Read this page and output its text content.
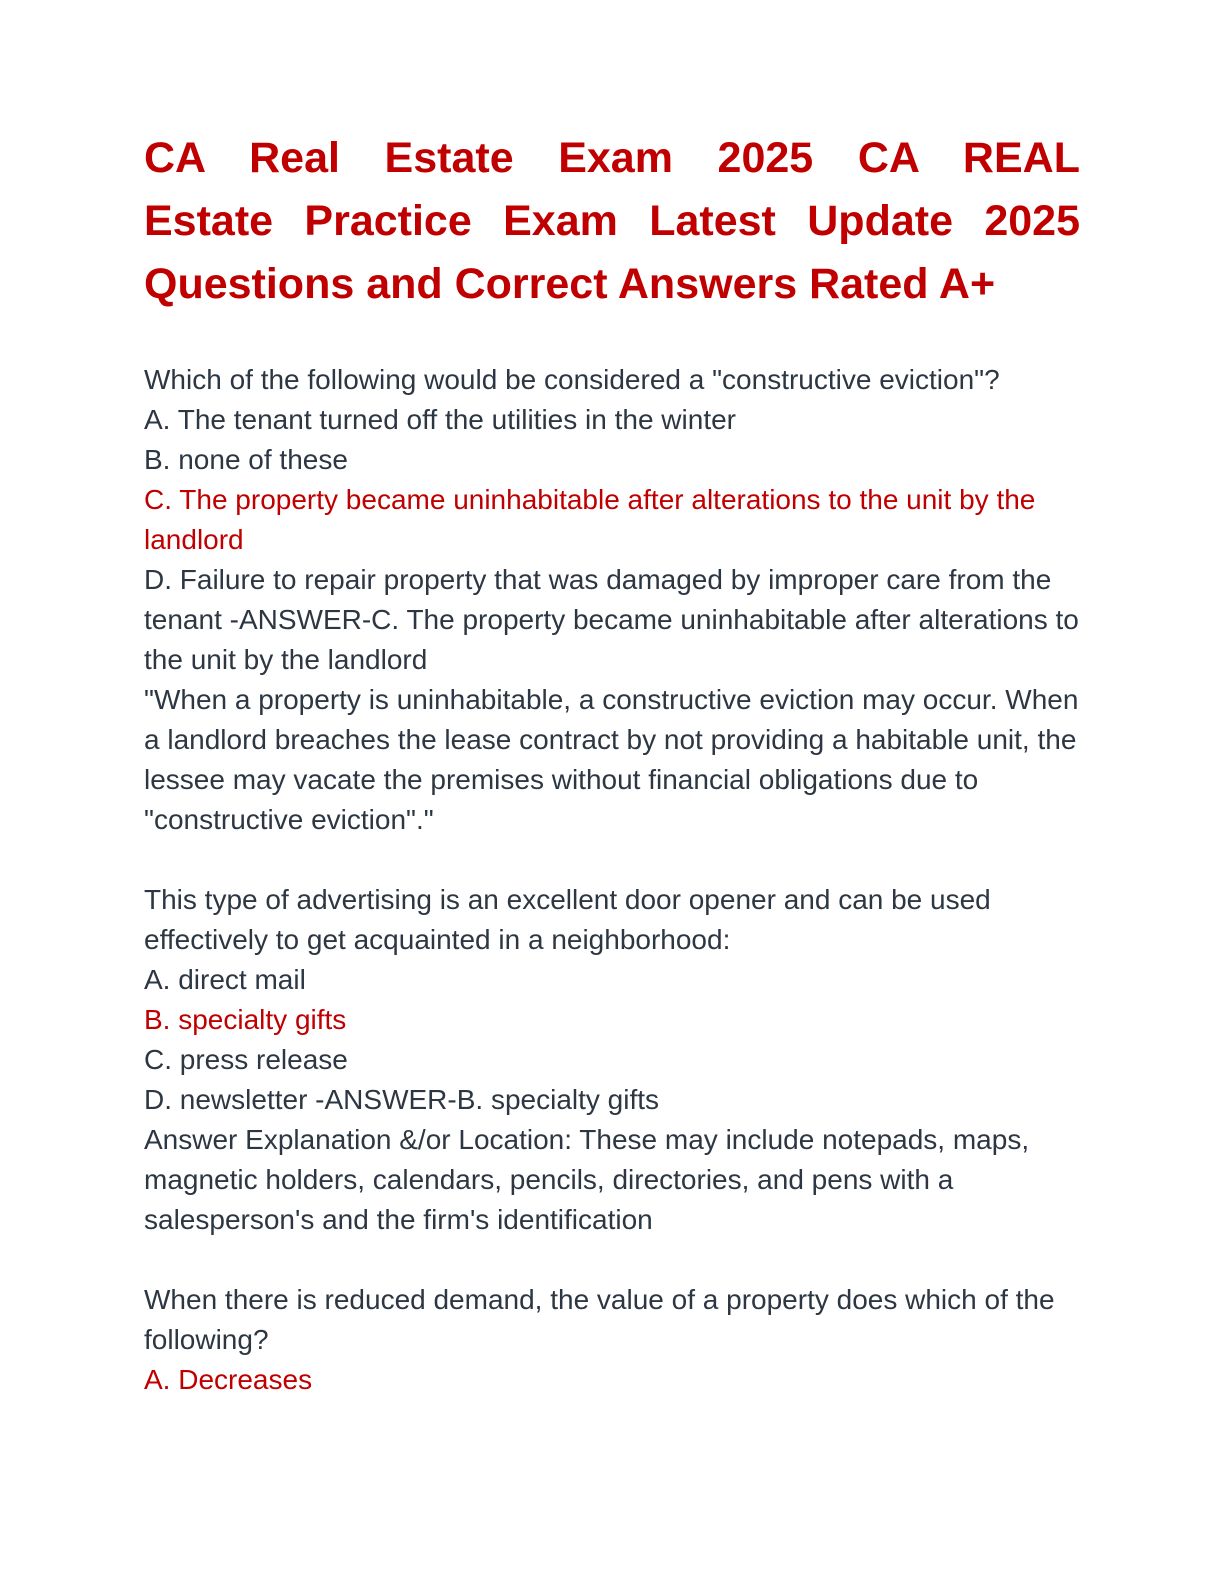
CA Real Estate Exam 2025 CA REAL
Estate Practice Exam Latest Update 2025
Questions and Correct Answers Rated A+
Which of the following would be considered a "constructive eviction"?
A. The tenant turned off the utilities in the winter
B. none of these
C. The property became uninhabitable after alterations to the unit by the landlord
D. Failure to repair property that was damaged by improper care from the tenant -ANSWER-C. The property became uninhabitable after alterations to the unit by the landlord
"When a property is uninhabitable, a constructive eviction may occur. When a landlord breaches the lease contract by not providing a habitable unit, the lessee may vacate the premises without financial obligations due to "constructive eviction"."
This type of advertising is an excellent door opener and can be used effectively to get acquainted in a neighborhood:
A. direct mail
B. specialty gifts
C. press release
D. newsletter -ANSWER-B. specialty gifts
Answer Explanation &/or Location: These may include notepads, maps, magnetic holders, calendars, pencils, directories, and pens with a salesperson's and the firm's identification
When there is reduced demand, the value of a property does which of the following?
A. Decreases
